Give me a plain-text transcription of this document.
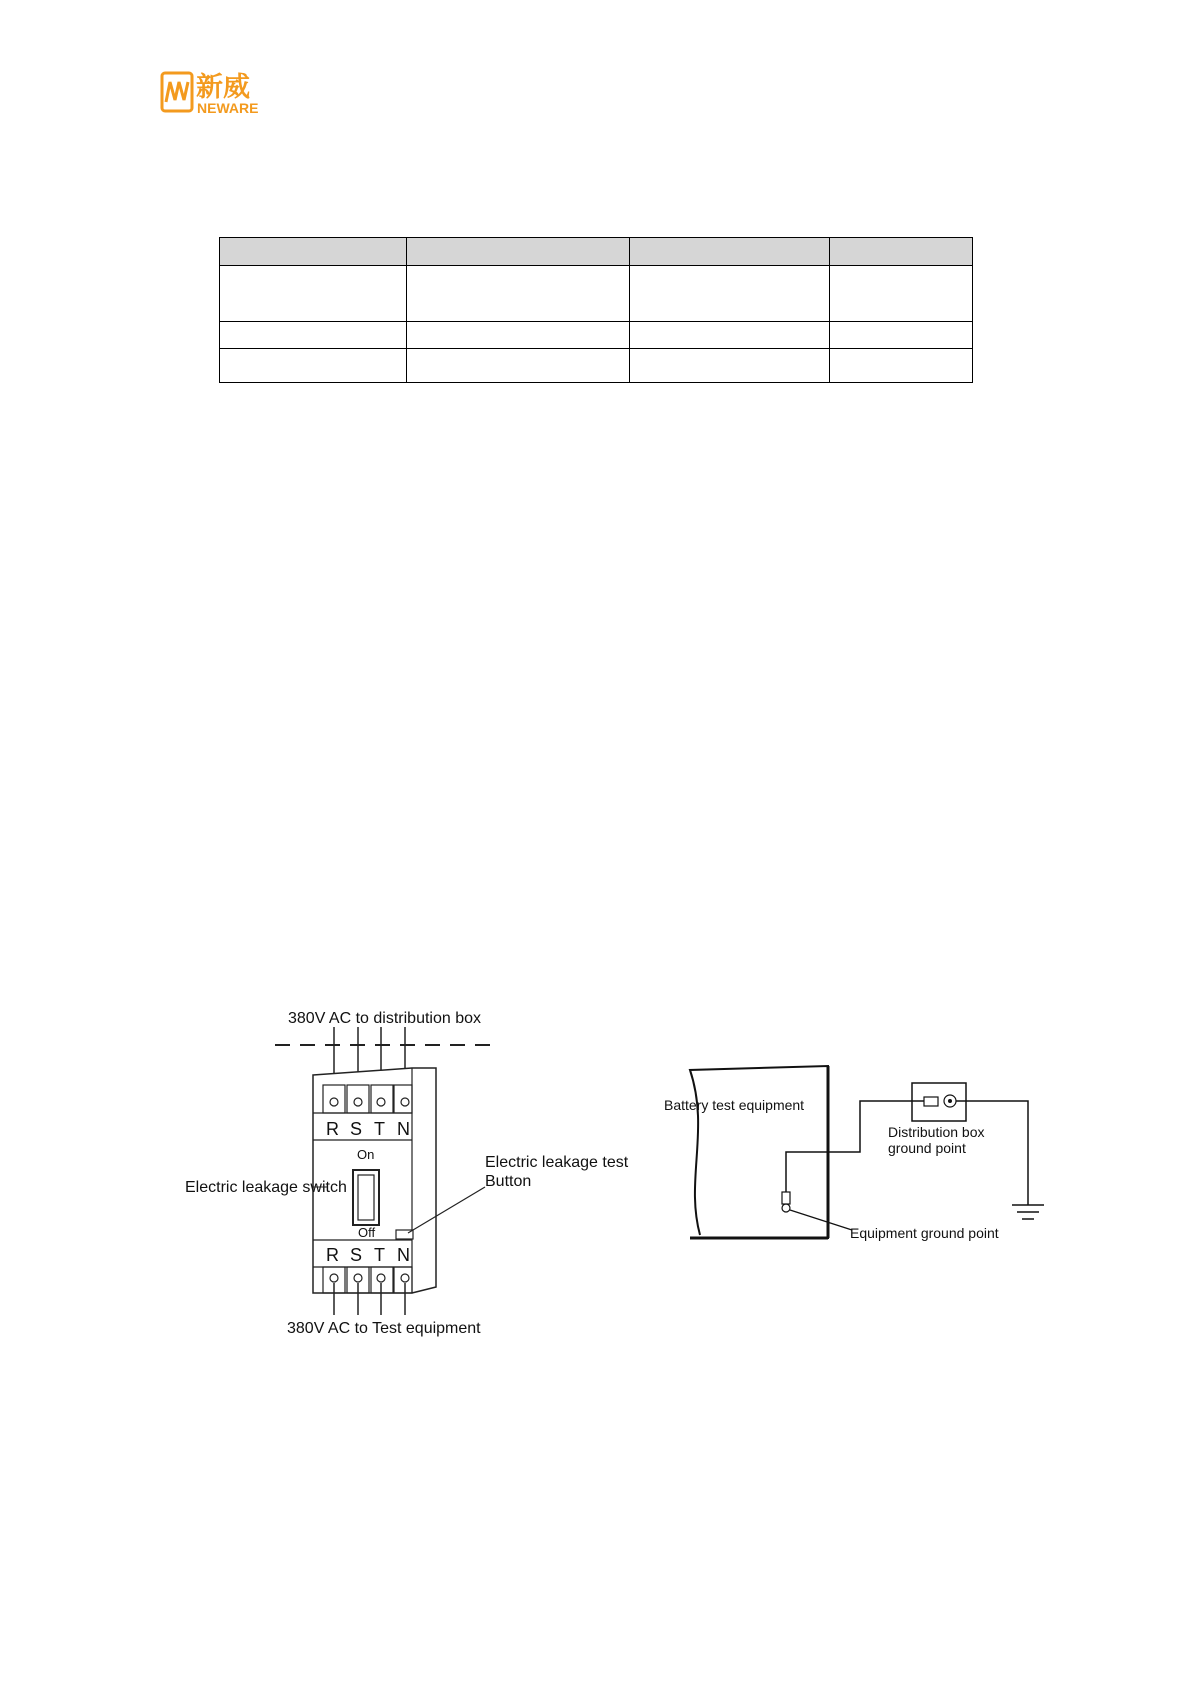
新威
NEWARE

380V AC to distribution box
R S T N
On
Off
R S T N
380V AC to Test equipment
Electric leakage switch
Electric leakage test
Button
Battery test equipment
Distribution box
ground point
Equipment ground point
